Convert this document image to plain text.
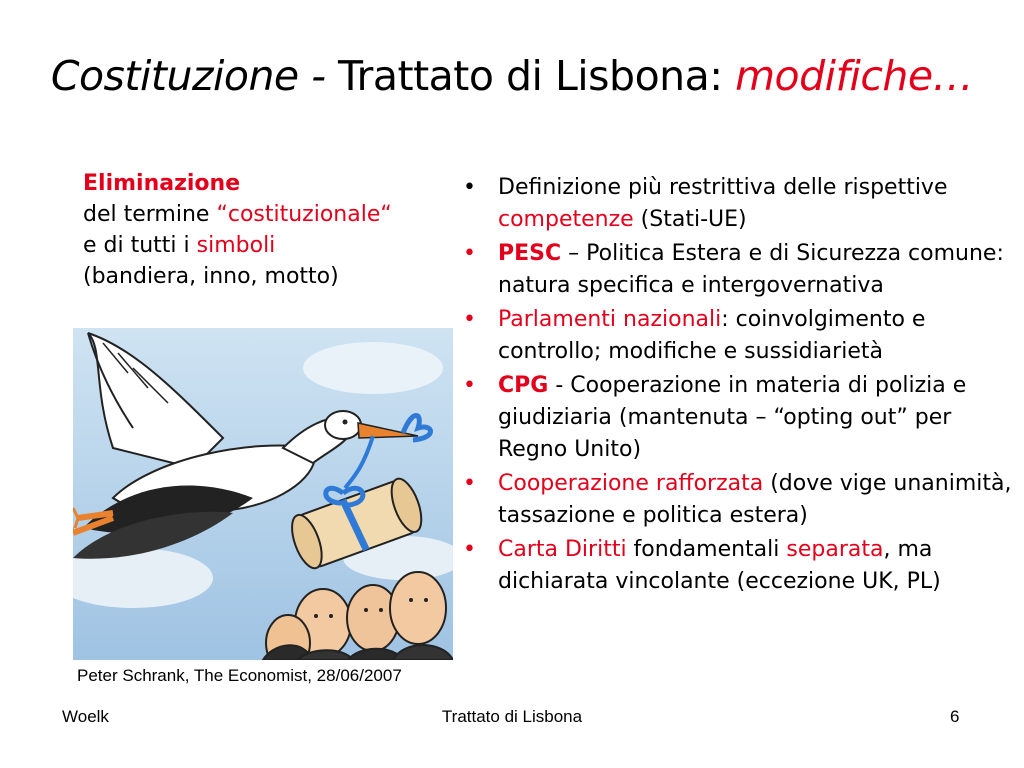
Costituzione - Trattato di Lisbona: modifiche…
Eliminazione
del termine “costituzionale“
e di tutti i simboli
(bandiera, inno, motto)
Peter Schrank, The Economist, 28/06/2007
• Definizione più restrittiva delle rispettive competenze (Stati-UE)
• PESC – Politica Estera e di Sicurezza comune: natura specifica e intergovernativa
• Parlamenti nazionali: coinvolgimento e controllo; modifiche e sussidiarietà
• CPG - Cooperazione in materia di polizia e giudiziaria (mantenuta – “opting out” per Regno Unito)
• Cooperazione rafforzata (dove vige unanimità, tassazione e politica estera)
• Carta Diritti fondamentali separata, ma dichiarata vincolante (eccezione UK, PL)
Woelk	Trattato di Lisbona	6
